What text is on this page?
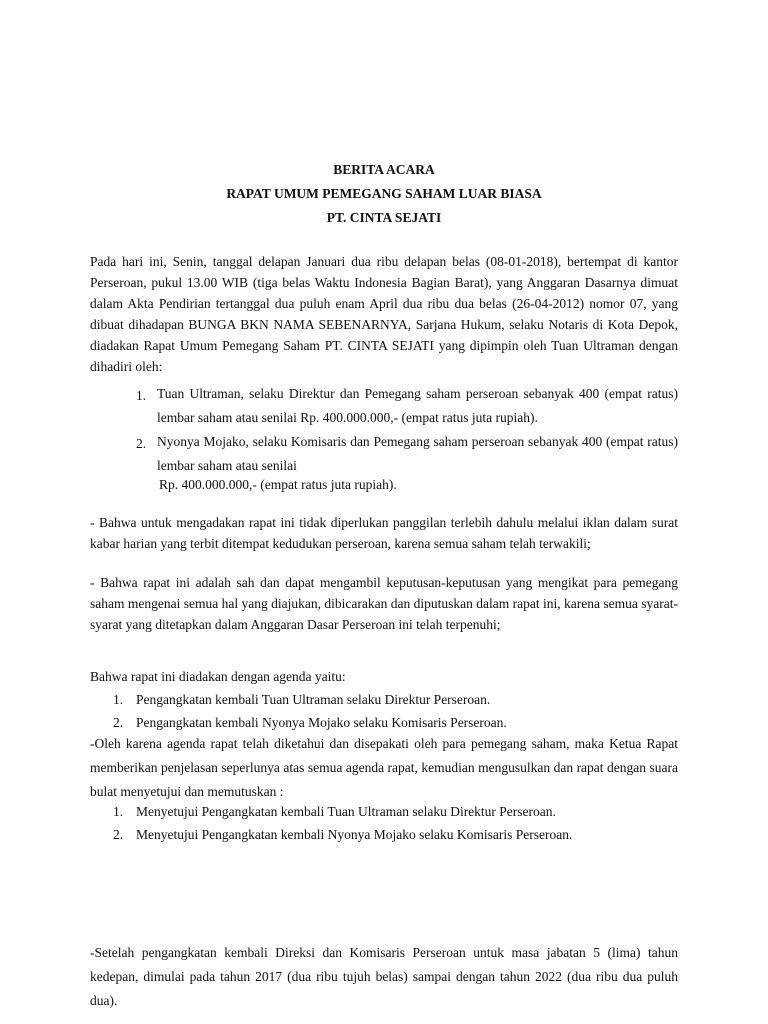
BERITA ACARA
RAPAT UMUM PEMEGANG SAHAM LUAR BIASA
PT. CINTA SEJATI
Pada hari ini, Senin, tanggal delapan Januari dua ribu delapan belas (08-01-2018), bertempat di kantor Perseroan, pukul 13.00 WIB (tiga belas Waktu Indonesia Bagian Barat), yang Anggaran Dasarnya dimuat dalam Akta Pendirian tertanggal dua puluh enam April dua ribu dua belas (26-04-2012) nomor 07, yang dibuat dihadapan BUNGA BKN NAMA SEBENARNYA, Sarjana Hukum, selaku Notaris di Kota Depok, diadakan Rapat Umum Pemegang Saham PT. CINTA SEJATI yang dipimpin oleh Tuan Ultraman dengan dihadiri oleh:
1. Tuan Ultraman, selaku Direktur dan Pemegang saham perseroan sebanyak 400 (empat ratus) lembar saham atau senilai Rp. 400.000.000,- (empat ratus juta rupiah).
2. Nyonya Mojako, selaku Komisaris dan Pemegang saham perseroan sebanyak 400 (empat ratus) lembar saham atau senilai
Rp. 400.000.000,- (empat ratus juta rupiah).
- Bahwa untuk mengadakan rapat ini tidak diperlukan panggilan terlebih dahulu melalui iklan dalam surat kabar harian yang terbit ditempat kedudukan perseroan, karena semua saham telah terwakili;
- Bahwa rapat ini adalah sah dan dapat mengambil keputusan-keputusan yang mengikat para pemegang saham mengenai semua hal yang diajukan, dibicarakan dan diputuskan dalam rapat ini, karena semua syarat-syarat yang ditetapkan dalam Anggaran Dasar Perseroan ini telah terpenuhi;
Bahwa rapat ini diadakan dengan agenda yaitu:
1. Pengangkatan kembali Tuan Ultraman selaku Direktur Perseroan.
2. Pengangkatan kembali Nyonya Mojako selaku Komisaris Perseroan.
-Oleh karena agenda rapat telah diketahui dan disepakati oleh para pemegang saham, maka Ketua Rapat memberikan penjelasan seperlunya atas semua agenda rapat, kemudian mengusulkan dan rapat dengan suara bulat menyetujui dan memutuskan :
1. Menyetujui Pengangkatan kembali Tuan Ultraman selaku Direktur Perseroan.
2. Menyetujui Pengangkatan kembali Nyonya Mojako selaku Komisaris Perseroan.
-Setelah pengangkatan kembali Direksi dan Komisaris Perseroan untuk masa jabatan 5 (lima) tahun kedepan, dimulai pada tahun 2017 (dua ribu tujuh belas) sampai dengan tahun 2022 (dua ribu dua puluh dua).
